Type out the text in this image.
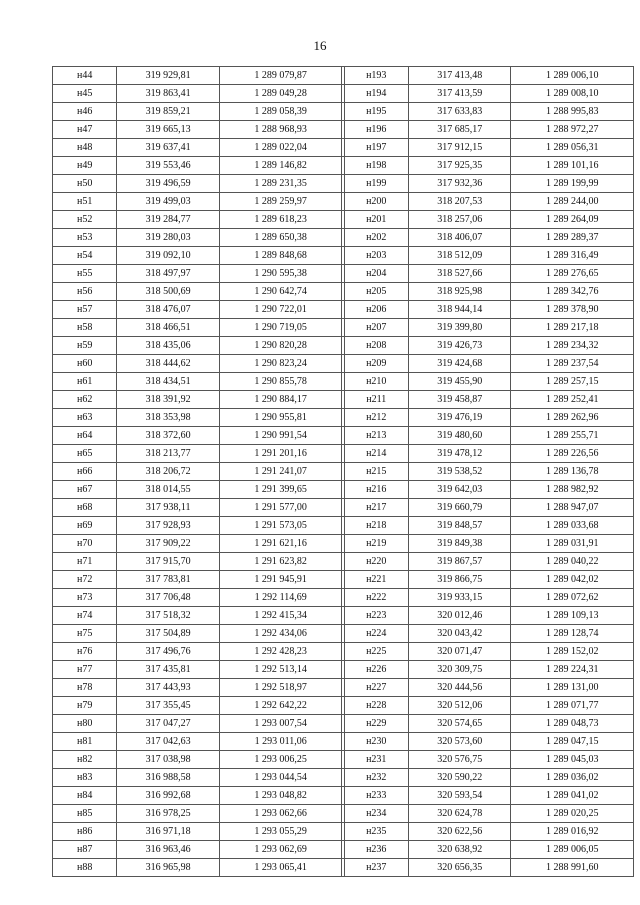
16
н44	319 929,81	1 289 079,87		н193	317 413,48	1 289 006,10
н45	319 863,41	1 289 049,28		н194	317 413,59	1 289 008,10
н46	319 859,21	1 289 058,39		н195	317 633,83	1 288 995,83
н47	319 665,13	1 288 968,93		н196	317 685,17	1 288 972,27
н48	319 637,41	1 289 022,04		н197	317 912,15	1 289 056,31
н49	319 553,46	1 289 146,82		н198	317 925,35	1 289 101,16
н50	319 496,59	1 289 231,35		н199	317 932,36	1 289 199,99
н51	319 499,03	1 289 259,97		н200	318 207,53	1 289 244,00
н52	319 284,77	1 289 618,23		н201	318 257,06	1 289 264,09
н53	319 280,03	1 289 650,38		н202	318 406,07	1 289 289,37
н54	319 092,10	1 289 848,68		н203	318 512,09	1 289 316,49
н55	318 497,97	1 290 595,38		н204	318 527,66	1 289 276,65
н56	318 500,69	1 290 642,74		н205	318 925,98	1 289 342,76
н57	318 476,07	1 290 722,01		н206	318 944,14	1 289 378,90
н58	318 466,51	1 290 719,05		н207	319 399,80	1 289 217,18
н59	318 435,06	1 290 820,28		н208	319 426,73	1 289 234,32
н60	318 444,62	1 290 823,24		н209	319 424,68	1 289 237,54
н61	318 434,51	1 290 855,78		н210	319 455,90	1 289 257,15
н62	318 391,92	1 290 884,17		н211	319 458,87	1 289 252,41
н63	318 353,98	1 290 955,81		н212	319 476,19	1 289 262,96
н64	318 372,60	1 290 991,54		н213	319 480,60	1 289 255,71
н65	318 213,77	1 291 201,16		н214	319 478,12	1 289 226,56
н66	318 206,72	1 291 241,07		н215	319 538,52	1 289 136,78
н67	318 014,55	1 291 399,65		н216	319 642,03	1 288 982,92
н68	317 938,11	1 291 577,00		н217	319 660,79	1 288 947,07
н69	317 928,93	1 291 573,05		н218	319 848,57	1 289 033,68
н70	317 909,22	1 291 621,16		н219	319 849,38	1 289 031,91
н71	317 915,70	1 291 623,82		н220	319 867,57	1 289 040,22
н72	317 783,81	1 291 945,91		н221	319 866,75	1 289 042,02
н73	317 706,48	1 292 114,69		н222	319 933,15	1 289 072,62
н74	317 518,32	1 292 415,34		н223	320 012,46	1 289 109,13
н75	317 504,89	1 292 434,06		н224	320 043,42	1 289 128,74
н76	317 496,76	1 292 428,23		н225	320 071,47	1 289 152,02
н77	317 435,81	1 292 513,14		н226	320 309,75	1 289 224,31
н78	317 443,93	1 292 518,97		н227	320 444,56	1 289 131,00
н79	317 355,45	1 292 642,22		н228	320 512,06	1 289 071,77
н80	317 047,27	1 293 007,54		н229	320 574,65	1 289 048,73
н81	317 042,63	1 293 011,06		н230	320 573,60	1 289 047,15
н82	317 038,98	1 293 006,25		н231	320 576,75	1 289 045,03
н83	316 988,58	1 293 044,54		н232	320 590,22	1 289 036,02
н84	316 992,68	1 293 048,82		н233	320 593,54	1 289 041,02
н85	316 978,25	1 293 062,66		н234	320 624,78	1 289 020,25
н86	316 971,18	1 293 055,29		н235	320 622,56	1 289 016,92
н87	316 963,46	1 293 062,69		н236	320 638,92	1 289 006,05
н88	316 965,98	1 293 065,41		н237	320 656,35	1 288 991,60
